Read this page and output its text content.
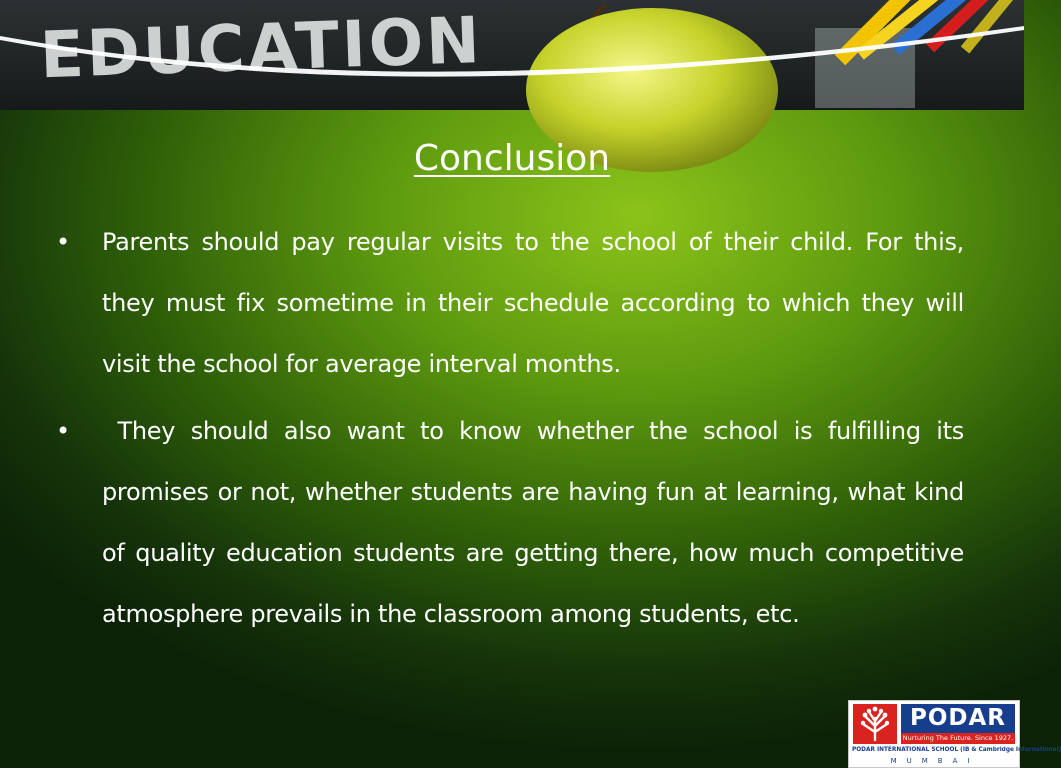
EDUCATION
Conclusion
• Parents should pay regular visits to the school of their child. For this, they must fix sometime in their schedule according to which they will visit the school for average interval months.
• They should also want to know whether the school is fulfilling its promises or not, whether students are having fun at learning, what kind of quality education students are getting there, how much competitive atmosphere prevails in the classroom among students, etc.
PODAR
Nurturing The Future. Since 1927.
PODAR INTERNATIONAL SCHOOL (IB & Cambridge International)
MUMBAI
